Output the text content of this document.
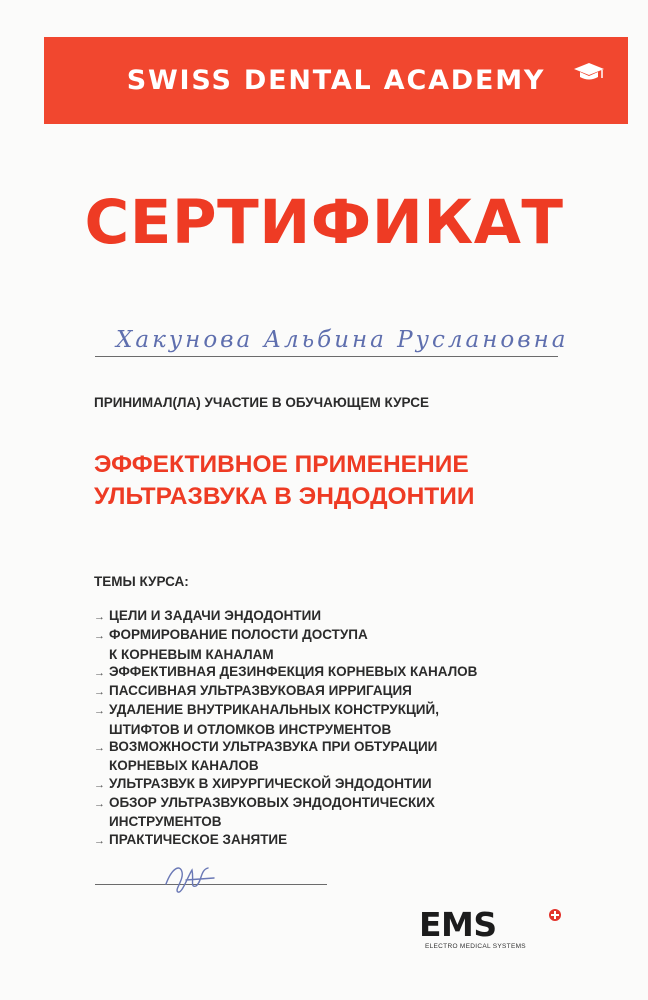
SWISS DENTAL ACADEMY
СЕРТИФИКАТ
Хакунова Альбина Руслановна
ПРИНИМАЛ(ЛА) УЧАСТИЕ В ОБУЧАЮЩЕМ КУРСЕ
ЭФФЕКТИВНОЕ ПРИМЕНЕНИЕ
УЛЬТРАЗВУКА В ЭНДОДОНТИИ
ТЕМЫ КУРСА:
→ ЦЕЛИ И ЗАДАЧИ ЭНДОДОНТИИ
→ ФОРМИРОВАНИЕ ПОЛОСТИ ДОСТУПА
К КОРНЕВЫМ КАНАЛАМ
→ ЭФФЕКТИВНАЯ ДЕЗИНФЕКЦИЯ КОРНЕВЫХ КАНАЛОВ
→ ПАССИВНАЯ УЛЬТРАЗВУКОВАЯ ИРРИГАЦИЯ
→ УДАЛЕНИЕ ВНУТРИКАНАЛЬНЫХ КОНСТРУКЦИЙ,
ШТИФТОВ И ОТЛОМКОВ ИНСТРУМЕНТОВ
→ ВОЗМОЖНОСТИ УЛЬТРАЗВУКА ПРИ ОБТУРАЦИИ
КОРНЕВЫХ КАНАЛОВ
→ УЛЬТРАЗВУК В ХИРУРГИЧЕСКОЙ ЭНДОДОНТИИ
→ ОБЗОР УЛЬТРАЗВУКОВЫХ ЭНДОДОНТИЧЕСКИХ
ИНСТРУМЕНТОВ
→ ПРАКТИЧЕСКОЕ ЗАНЯТИЕ
EMS
ELECTRO MEDICAL SYSTEMS
